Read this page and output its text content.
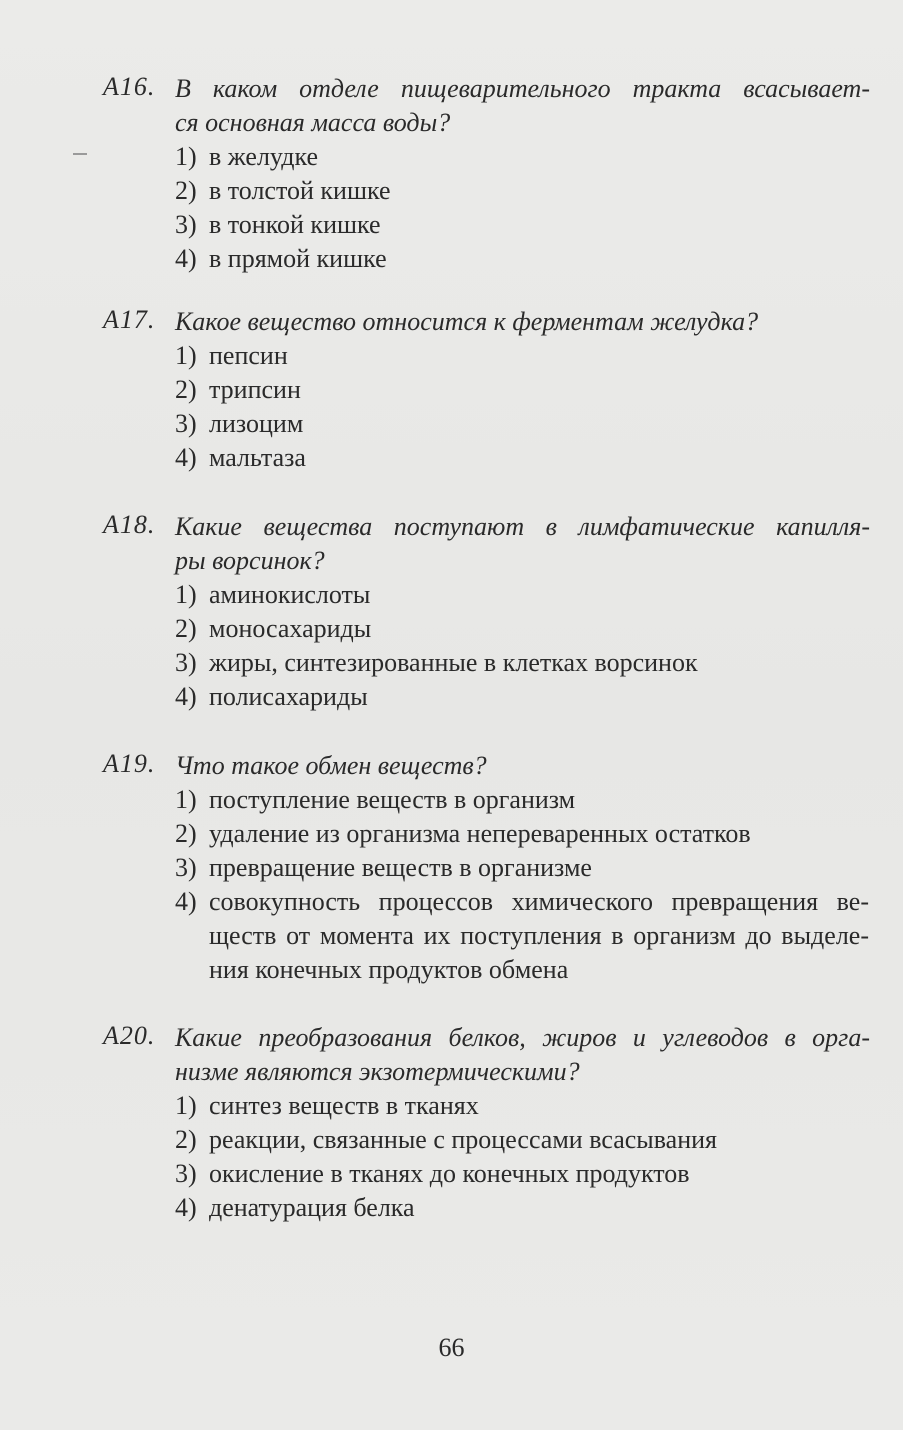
А16. В каком отделе пищеварительного тракта всасывает-
ся основная масса воды?
1) в желудке
2) в толстой кишке
3) в тонкой кишке
4) в прямой кишке
А17. Какое вещество относится к ферментам желудка?
1) пепсин
2) трипсин
3) лизоцим
4) мальтаза
А18. Какие вещества поступают в лимфатические капилля-
ры ворсинок?
1) аминокислоты
2) моносахариды
3) жиры, синтезированные в клетках ворсинок
4) полисахариды
А19. Что такое обмен веществ?
1) поступление веществ в организм
2) удаление из организма непереваренных остатков
3) превращение веществ в организме
4) совокупность процессов химического превращения ве-
ществ от момента их поступления в организм до выделе-
ния конечных продуктов обмена
А20. Какие преобразования белков, жиров и углеводов в орга-
низме являются экзотермическими?
1) синтез веществ в тканях
2) реакции, связанные с процессами всасывания
3) окисление в тканях до конечных продуктов
4) денатурация белка
66
